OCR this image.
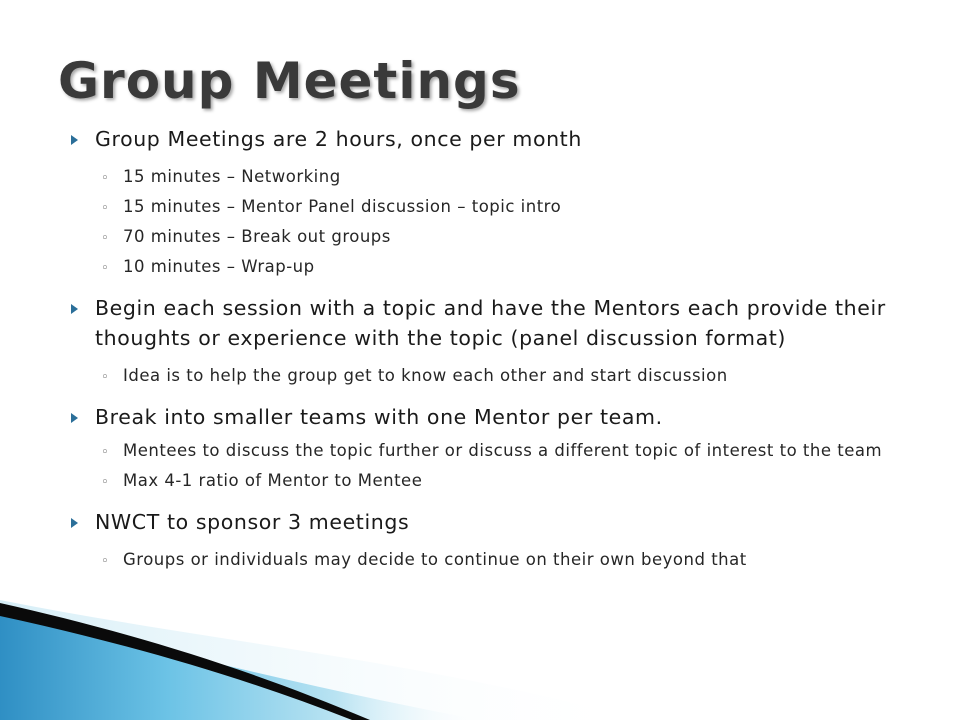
Group Meetings
Group Meetings are 2 hours, once per month
◦ 15 minutes – Networking
◦ 15 minutes – Mentor Panel discussion – topic intro
◦ 70 minutes – Break out groups
◦ 10 minutes – Wrap-up
Begin each session with a topic and have the Mentors each provide their thoughts or experience with the topic (panel discussion format)
◦ Idea is to help the group get to know each other and start discussion
Break into smaller teams with one Mentor per team.
◦ Mentees to discuss the topic further or discuss a different topic of interest to the team
◦ Max 4-1 ratio of Mentor to Mentee
NWCT to sponsor 3 meetings
◦ Groups or individuals may decide to continue on their own beyond that
